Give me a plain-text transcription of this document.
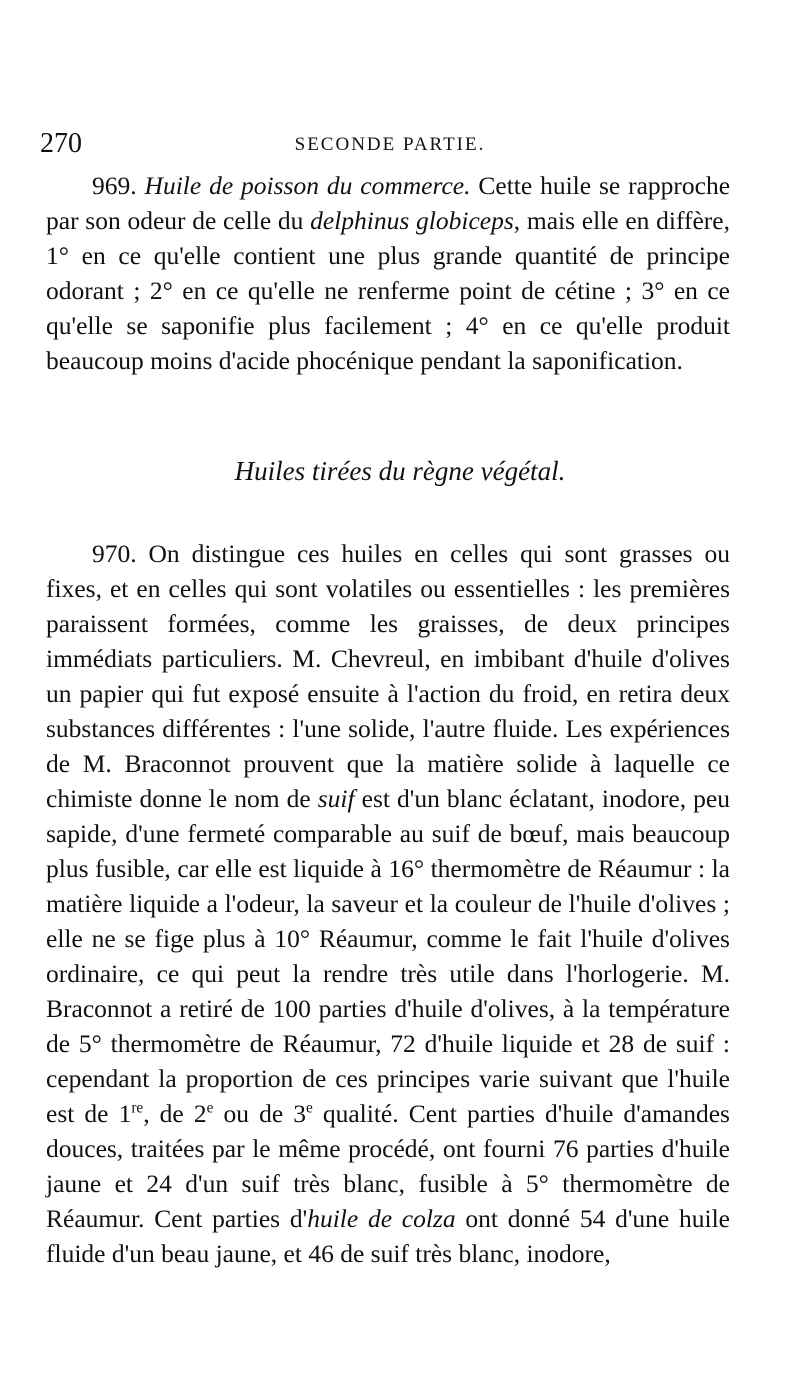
270	SECONDE PARTIE.

969. Huile de poisson du commerce. Cette huile se rapproche par son odeur de celle du delphinus globiceps, mais elle en diffère, 1° en ce qu'elle contient une plus grande quantité de principe odorant ; 2° en ce qu'elle ne renferme point de cétine ; 3° en ce qu'elle se saponifie plus facilement ; 4° en ce qu'elle produit beaucoup moins d'acide phocénique pendant la saponification.

Huiles tirées du règne végétal.

970. On distingue ces huiles en celles qui sont grasses ou fixes, et en celles qui sont volatiles ou essentielles : les premières paraissent formées, comme les graisses, de deux principes immédiats particuliers. M. Chevreul, en imbibant d'huile d'olives un papier qui fut exposé ensuite à l'action du froid, en retira deux substances différentes : l'une solide, l'autre fluide. Les expériences de M. Braconnot prouvent que la matière solide à laquelle ce chimiste donne le nom de suif est d'un blanc éclatant, inodore, peu sapide, d'une fermeté comparable au suif de bœuf, mais beaucoup plus fusible, car elle est liquide à 16° thermomètre de Réaumur : la matière liquide a l'odeur, la saveur et la couleur de l'huile d'olives ; elle ne se fige plus à 10° Réaumur, comme le fait l'huile d'olives ordinaire, ce qui peut la rendre très utile dans l'horlogerie. M. Braconnot a retiré de 100 parties d'huile d'olives, à la température de 5° thermomètre de Réaumur, 72 d'huile liquide et 28 de suif : cependant la proportion de ces principes varie suivant que l'huile est de 1re, de 2e ou de 3e qualité. Cent parties d'huile d'amandes douces, traitées par le même procédé, ont fourni 76 parties d'huile jaune et 24 d'un suif très blanc, fusible à 5° thermomètre de Réaumur. Cent parties d'huile de colza ont donné 54 d'une huile fluide d'un beau jaune, et 46 de suif très blanc, inodore,
